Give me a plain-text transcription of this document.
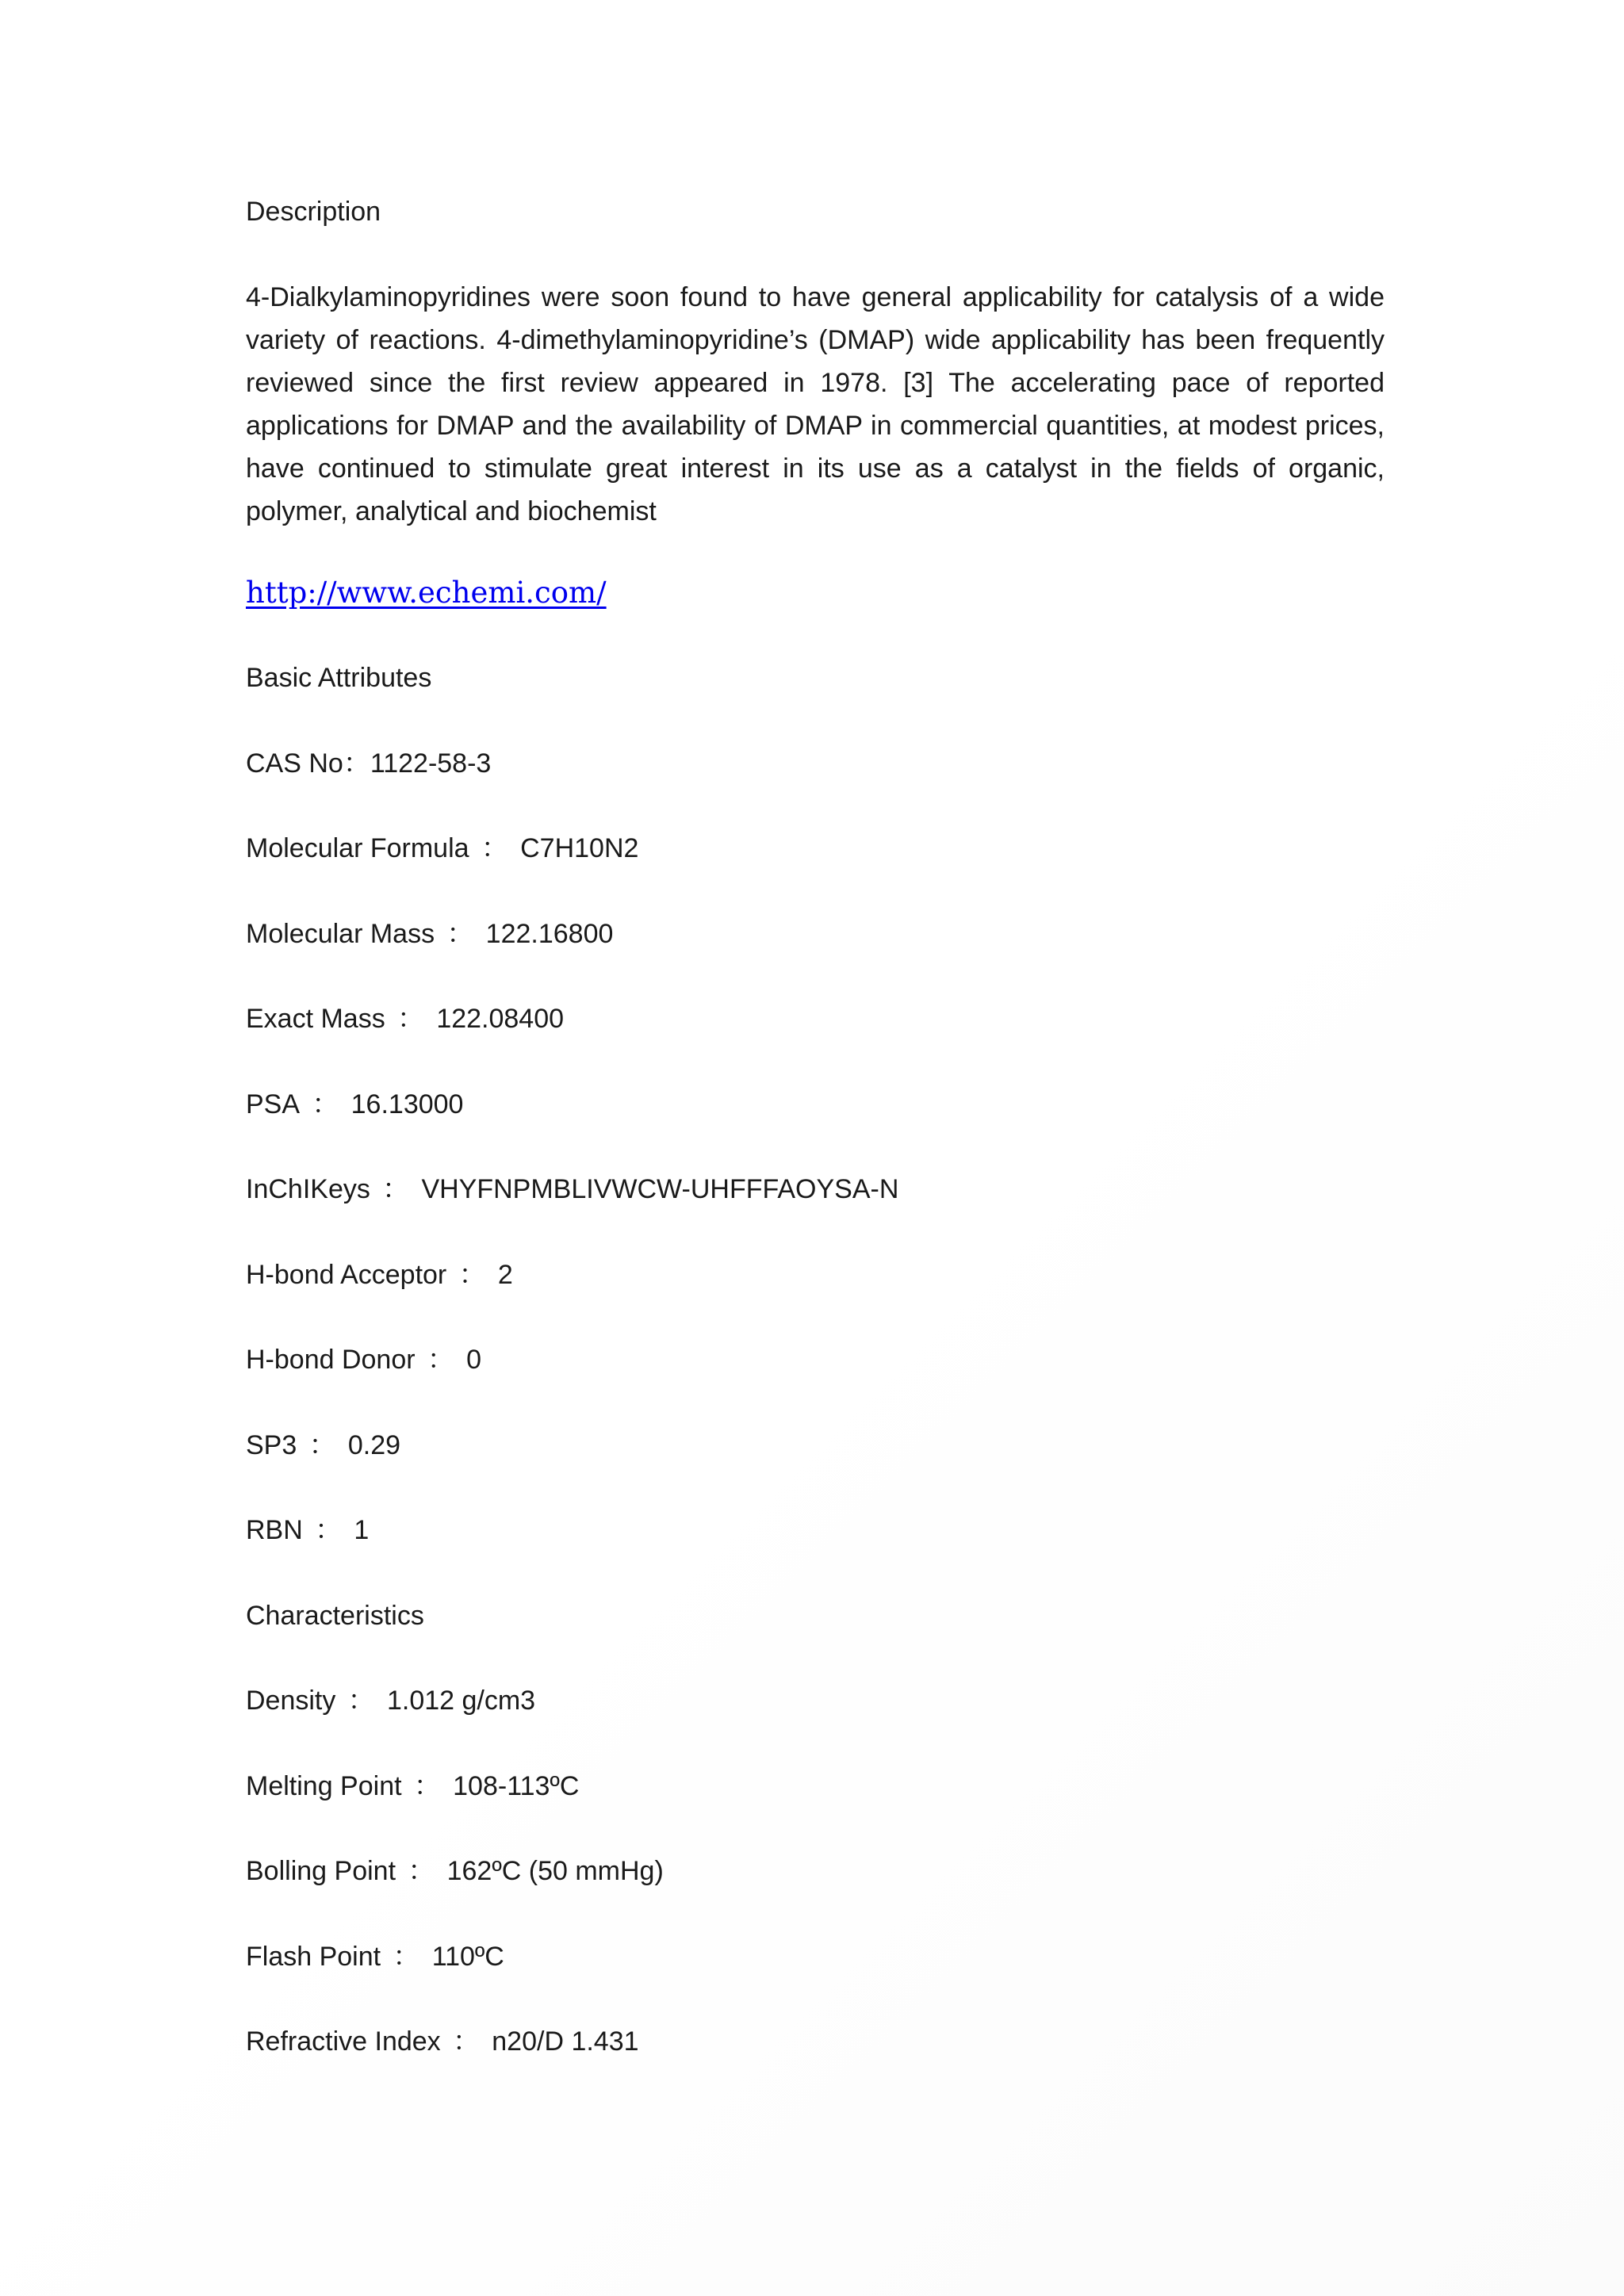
Description

4-Dialkylaminopyridines were soon found to have general applicability for catalysis of a wide variety of reactions. 4-dimethylaminopyridine’s (DMAP) wide applicability has been frequently reviewed since the first review appeared in 1978. [3] The accelerating pace of reported applications for DMAP and the availability of DMAP in commercial quantities, at modest prices, have continued to stimulate great interest in its use as a catalyst in the fields of organic, polymer, analytical and biochemist

http://www.echemi.com/

Basic Attributes

CAS No：1122-58-3

Molecular Formula ： C7H10N2

Molecular Mass ： 122.16800

Exact Mass ： 122.08400

PSA ： 16.13000

InChIKeys ： VHYFNPMBLIVWCW-UHFFFAOYSA-N

H-bond Acceptor ： 2

H-bond Donor ： 0

SP3 ： 0.29

RBN ： 1

Characteristics

Density ： 1.012 g/cm3

Melting Point ： 108-113ºC

Bolling Point ： 162ºC (50 mmHg)

Flash Point ： 110ºC

Refractive Index ： n20/D 1.431
